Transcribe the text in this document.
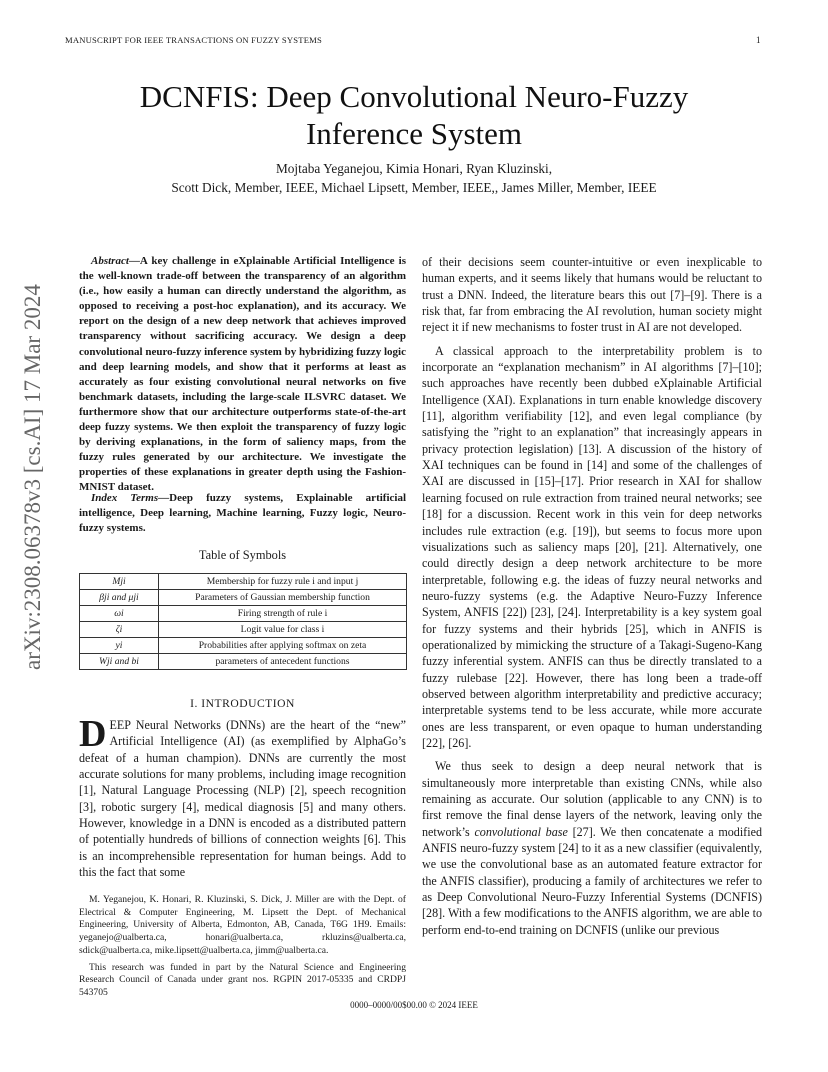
MANUSCRIPT FOR IEEE TRANSACTIONS ON FUZZY SYSTEMS	1
arXiv:2308.06378v3 [cs.AI] 17 Mar 2024
DCNFIS: Deep Convolutional Neuro-Fuzzy
Inference System
Mojtaba Yeganejou, Kimia Honari, Ryan Kluzinski,
Scott Dick, Member, IEEE, Michael Lipsett, Member, IEEE,, James Miller, Member, IEEE
Abstract—A key challenge in eXplainable Artificial Intelligence is the well-known trade-off between the transparency of an algorithm (i.e., how easily a human can directly understand the algorithm, as opposed to receiving a post-hoc explanation), and its accuracy. We report on the design of a new deep network that achieves improved transparency without sacrificing accuracy. We design a deep convolutional neuro-fuzzy inference system by hybridizing fuzzy logic and deep learning models, and show that it performs at least as accurately as four existing convolutional neural networks on five benchmark datasets, including the large-scale ILSVRC dataset. We furthermore show that our architecture outperforms state-of-the-art deep fuzzy systems. We then exploit the transparency of fuzzy logic by deriving explanations, in the form of saliency maps, from the fuzzy rules generated by our architecture. We investigate the properties of these explanations in greater depth using the Fashion-MNIST dataset.
Index Terms—Deep fuzzy systems, Explainable artificial intelligence, Deep learning, Machine learning, Fuzzy logic, Neuro-fuzzy systems.
Table of Symbols
Mji	Membership for fuzzy rule i and input j
βji and μji	Parameters of Gaussian membership function
ωi	Firing strength of rule i
ζi	Logit value for class i
yi	Probabilities after applying softmax on zeta
Wji and bi	parameters of antecedent functions
I. INTRODUCTION
DEEP Neural Networks (DNNs) are the heart of the “new” Artificial Intelligence (AI) (as exemplified by AlphaGo’s defeat of a human champion). DNNs are currently the most accurate solutions for many problems, including image recognition [1], Natural Language Processing (NLP) [2], speech recognition [3], robotic surgery [4], medical diagnosis [5] and many others. However, knowledge in a DNN is encoded as a distributed pattern of potentially hundreds of billions of connection weights [6]. This is an incomprehensible representation for human beings. Add to this the fact that some

M. Yeganejou, K. Honari, R. Kluzinski, S. Dick, J. Miller are with the Dept. of Electrical & Computer Engineering, M. Lipsett the Dept. of Mechanical Engineering, University of Alberta, Edmonton, AB, Canada, T6G 1H9. Emails: yeganejo@ualberta.ca, honari@ualberta.ca, rkluzins@ualberta.ca, sdick@ualberta.ca, mike.lipsett@ualberta.ca, jimm@ualberta.ca.

This research was funded in part by the Natural Science and Engineering Research Council of Canada under grant nos. RGPIN 2017-05335 and CRDPJ 543705

of their decisions seem counter-intuitive or even inexplicable to human experts, and it seems likely that humans would be reluctant to trust a DNN. Indeed, the literature bears this out [7]–[9]. There is a risk that, far from embracing the AI revolution, human society might reject it if new mechanisms to foster trust in AI are not developed.

A classical approach to the interpretability problem is to incorporate an “explanation mechanism” in AI algorithms [7]–[10]; such approaches have recently been dubbed eXplainable Artificial Intelligence (XAI). Explanations in turn enable knowledge discovery [11], algorithm verifiability [12], and even legal compliance (by satisfying the ”right to an explanation” that increasingly appears in privacy protection legislation) [13]. A discussion of the history of XAI techniques can be found in [14] and some of the challenges of XAI are discussed in [15]–[17]. Prior research in XAI for shallow learning focused on rule extraction from trained neural networks; see [18] for a discussion. Recent work in this vein for deep networks includes rule extraction (e.g. [19]), but seems to focus more upon visualizations such as saliency maps [20], [21]. Alternatively, one could directly design a deep network architecture to be more interpretable, following e.g. the ideas of fuzzy neural networks and neuro-fuzzy systems (e.g. the Adaptive Neuro-Fuzzy Inference System, ANFIS [22]) [23], [24]. Interpretability is a key system goal for fuzzy systems and their hybrids [25], which in ANFIS is operationalized by mimicking the structure of a Takagi-Sugeno-Kang fuzzy inferential system. ANFIS can thus be directly translated to a fuzzy rulebase [22]. However, there has long been a trade-off observed between algorithm interpretability and predictive accuracy; interpretable systems tend to be less accurate, while more accurate ones are less transparent, or even opaque to human understanding [22], [26].

We thus seek to design a deep neural network that is simultaneously more interpretable than existing CNNs, while also remaining as accurate. Our solution (applicable to any CNN) is to first remove the final dense layers of the network, leaving only the network’s convolutional base [27]. We then concatenate a modified ANFIS neuro-fuzzy system [24] to it as a new classifier (equivalently, we use the convolutional base as an automated feature extractor for the ANFIS classifier), producing a family of architectures we refer to as Deep Convolutional Neuro-Fuzzy Inferential Systems (DCNFIS) [28]. With a few modifications to the ANFIS algorithm, we are able to perform end-to-end training on DCNFIS (unlike our previous

0000–0000/00$00.00 © 2024 IEEE
